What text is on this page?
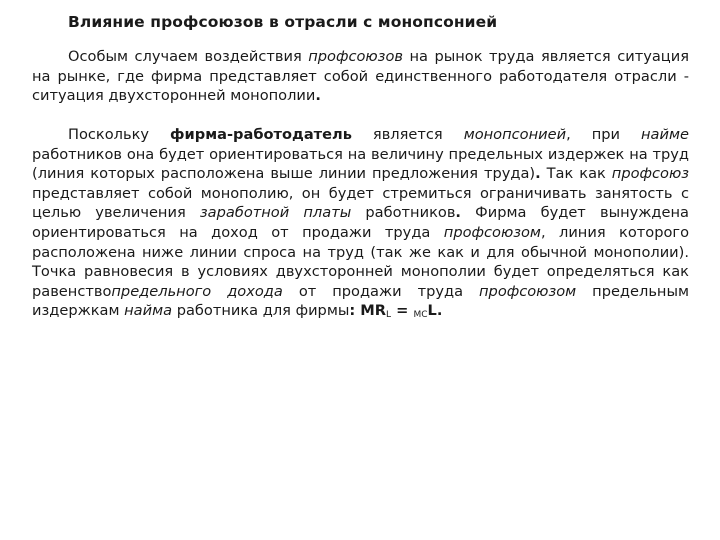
Влияние профсоюзов в отрасли с монопсонией

Особым случаем воздействия профсоюзов на рынок труда является ситуация на рынке, где фирма представляет собой единственного работодателя отрасли - ситуация двухсторонней монополии.

Поскольку фирма-работодатель является монопсонией, при найме работников она будет ориентироваться на величину предельных издержек на труд (линия которых расположена выше линии предложения труда). Так как профсоюз представляет собой монополию, он будет стремиться ограничивать занятость с целью увеличения заработной платы работников. Фирма будет вынуждена ориентироваться на доход от продажи труда профсоюзом, линия которого расположена ниже линии спроса на труд (так же как и для обычной монополии). Точка равновесия в условиях двухсторонней монополии будет определяться как равенствопредельного дохода от продажи труда профсоюзом предельным издержкам найма работника для фирмы: $MR_L = _{MC}L$.
